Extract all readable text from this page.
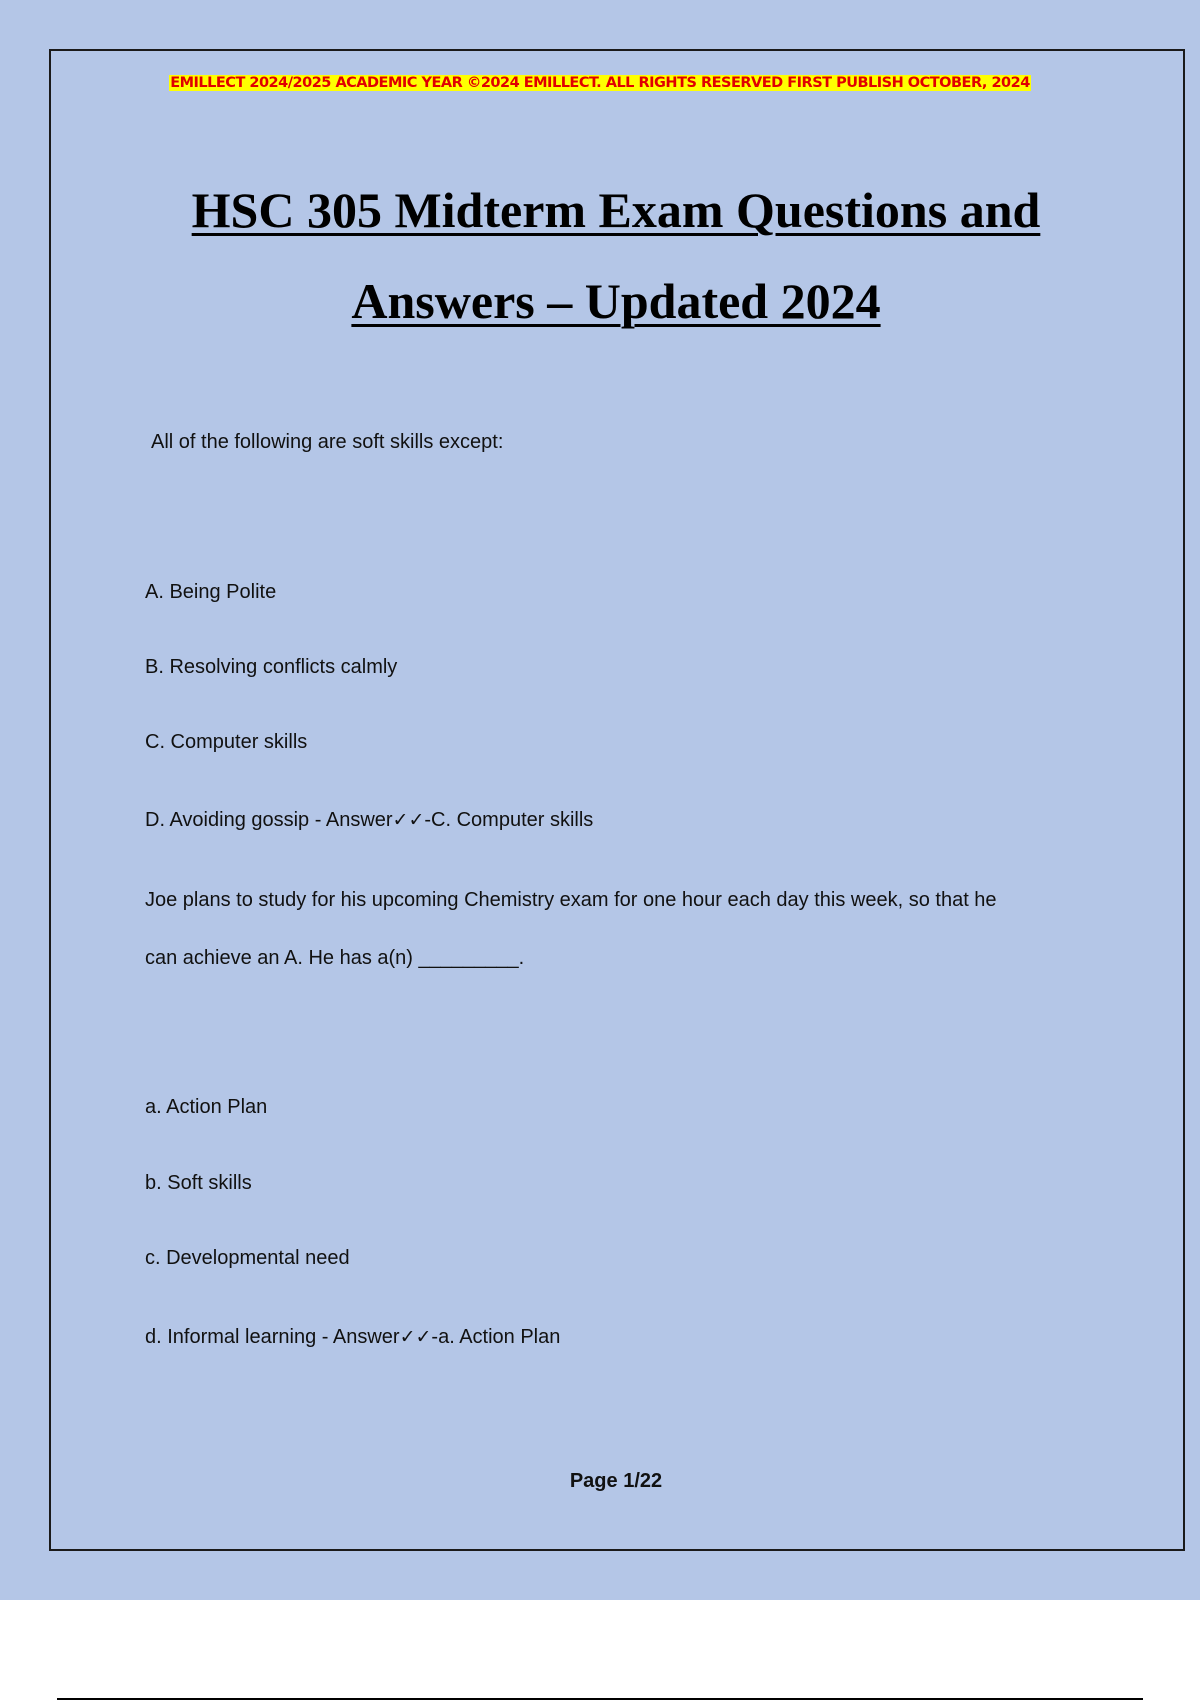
EMILLECT 2024/2025 ACADEMIC YEAR ©2024 EMILLECT. ALL RIGHTS RESERVED FIRST PUBLISH OCTOBER, 2024
HSC 305 Midterm Exam Questions and
Answers – Updated 2024
All of the following are soft skills except:
A. Being Polite
B. Resolving conflicts calmly
C. Computer skills
D. Avoiding gossip - Answer✓✓-C. Computer skills
Joe plans to study for his upcoming Chemistry exam for one hour each day this week, so that he
can achieve an A. He has a(n) _________.
a. Action Plan
b. Soft skills
c. Developmental need
d. Informal learning - Answer✓✓-a. Action Plan
Page 1/22
